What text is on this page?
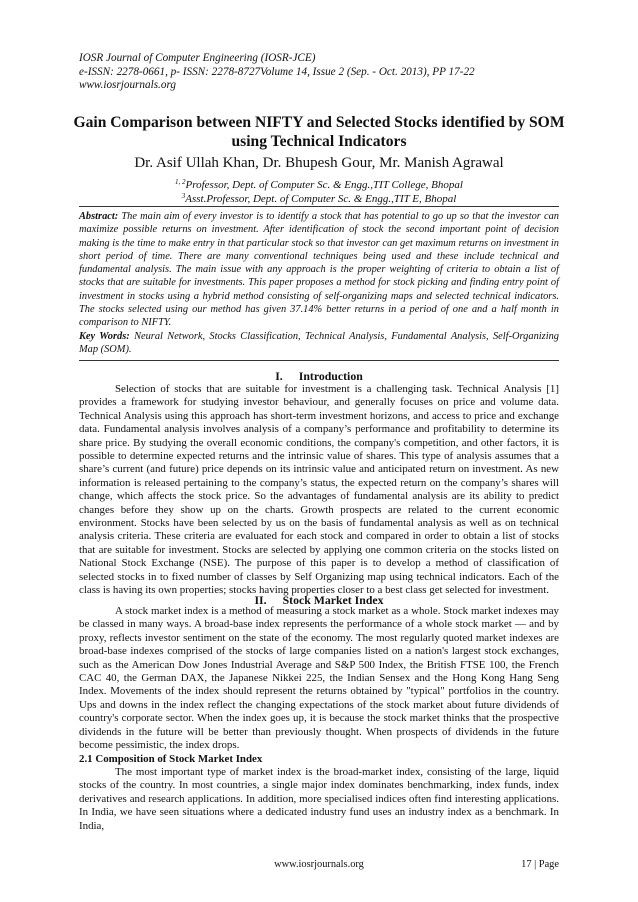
IOSR Journal of Computer Engineering (IOSR-JCE)
e-ISSN: 2278-0661, p- ISSN: 2278-8727Volume 14, Issue 2 (Sep. - Oct. 2013), PP 17-22
www.iosrjournals.org
Gain Comparison between NIFTY and Selected Stocks identified by SOM
using Technical Indicators
Dr. Asif Ullah Khan, Dr. Bhupesh Gour, Mr. Manish Agrawal
$^{1, 2}$Professor, Dept. of Computer Sc. & Engg.,TIT College, Bhopal
$^3$Asst.Professor, Dept. of Computer Sc. & Engg.,TIT E, Bhopal
Abstract: The main aim of every investor is to identify a stock that has potential to go up so that the investor can maximize possible returns on investment. After identification of stock the second important point of decision making is the time to make entry in that particular stock so that investor can get maximum returns on investment in short period of time. There are many conventional techniques being used and these include technical and fundamental analysis. The main issue with any approach is the proper weighting of criteria to obtain a list of stocks that are suitable for investments. This paper proposes a method for stock picking and finding entry point of investment in stocks using a hybrid method consisting of self-organizing maps and selected technical indicators. The stocks selected using our method has given 37.14% better returns in a period of one and a half month in comparison to NIFTY.
Key Words: Neural Network, Stocks Classification, Technical Analysis, Fundamental Analysis, Self-Organizing Map (SOM).
I. Introduction
Selection of stocks that are suitable for investment is a challenging task. Technical Analysis [1] provides a framework for studying investor behaviour, and generally focuses on price and volume data. Technical Analysis using this approach has short-term investment horizons, and access to price and exchange data. Fundamental analysis involves analysis of a company’s performance and profitability to determine its share price. By studying the overall economic conditions, the company's competition, and other factors, it is possible to determine expected returns and the intrinsic value of shares. This type of analysis assumes that a share’s current (and future) price depends on its intrinsic value and anticipated return on investment. As new information is released pertaining to the company’s status, the expected return on the company’s shares will change, which affects the stock price. So the advantages of fundamental analysis are its ability to predict changes before they show up on the charts. Growth prospects are related to the current economic environment. Stocks have been selected by us on the basis of fundamental analysis as well as on technical analysis criteria. These criteria are evaluated for each stock and compared in order to obtain a list of stocks that are suitable for investment. Stocks are selected by applying one common criteria on the stocks listed on National Stock Exchange (NSE). The purpose of this paper is to develop a method of classification of selected stocks in to fixed number of classes by Self Organizing map using technical indicators. Each of the class is having its own properties; stocks having properties closer to a best class get selected for investment.
II. Stock Market Index
A stock market index is a method of measuring a stock market as a whole. Stock market indexes may be classed in many ways. A broad-base index represents the performance of a whole stock market — and by proxy, reflects investor sentiment on the state of the economy. The most regularly quoted market indexes are broad-base indexes comprised of the stocks of large companies listed on a nation's largest stock exchanges, such as the American Dow Jones Industrial Average and S&P 500 Index, the British FTSE 100, the French CAC 40, the German DAX, the Japanese Nikkei 225, the Indian Sensex and the Hong Kong Hang Seng Index. Movements of the index should represent the returns obtained by "typical" portfolios in the country. Ups and downs in the index reflect the changing expectations of the stock market about future dividends of country's corporate sector. When the index goes up, it is because the stock market thinks that the prospective dividends in the future will be better than previously thought. When prospects of dividends in the future become pessimistic, the index drops.
2.1 Composition of Stock Market Index
The most important type of market index is the broad-market index, consisting of the large, liquid stocks of the country. In most countries, a single major index dominates benchmarking, index funds, index derivatives and research applications. In addition, more specialised indices often find interesting applications. In India, we have seen situations where a dedicated industry fund uses an industry index as a benchmark. In India,
www.iosrjournals.org	17 | Page
